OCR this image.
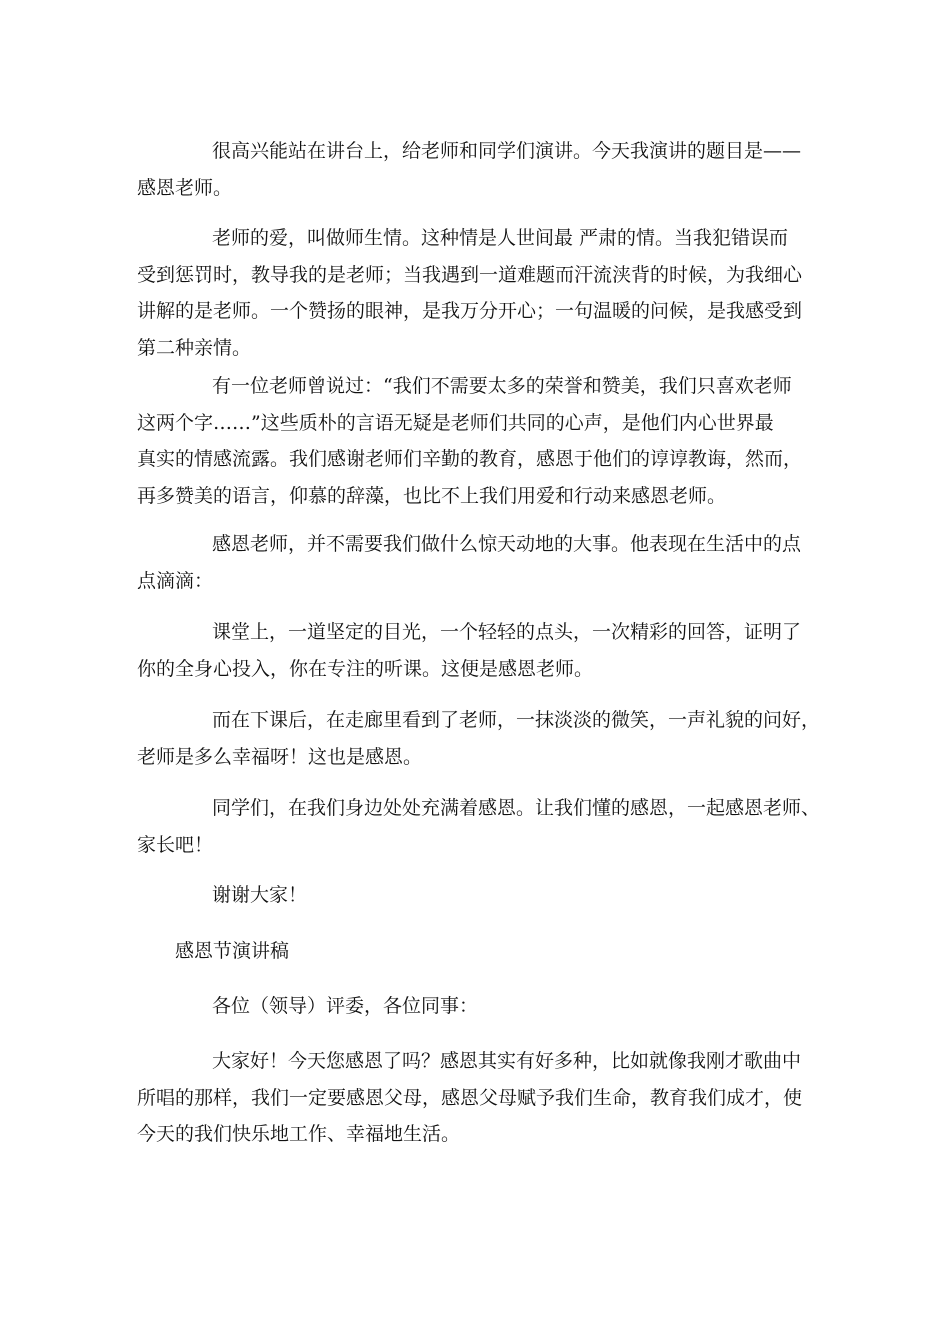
很高兴能站在讲台上，给老师和同学们演讲。今天我演讲的题目是——
感恩老师。

老师的爱，叫做师生情。这种情是人世间最 严肃的情。当我犯错误而
受到惩罚时，教导我的是老师；当我遇到一道难题而汗流浃背的时候，为我细心
讲解的是老师。一个赞扬的眼神，是我万分开心；一句温暖的问候，是我感受到
第二种亲情。

有一位老师曾说过：“我们不需要太多的荣誉和赞美，我们只喜欢老师
这两个字……”这些质朴的言语无疑是老师们共同的心声，是他们内心世界最
真实的情感流露。我们感谢老师们辛勤的教育，感恩于他们的谆谆教诲，然而，
再多赞美的语言，仰慕的辞藻，也比不上我们用爱和行动来感恩老师。

感恩老师，并不需要我们做什么惊天动地的大事。他表现在生活中的点
点滴滴：

课堂上，一道坚定的目光，一个轻轻的点头，一次精彩的回答，证明了
你的全身心投入，你在专注的听课。这便是感恩老师。

而在下课后，在走廊里看到了老师，一抹淡淡的微笑，一声礼貌的问好，
老师是多么幸福呀！这也是感恩。

同学们，在我们身边处处充满着感恩。让我们懂的感恩，一起感恩老师、
家长吧！

谢谢大家！

感恩节演讲稿

各位（领导）评委，各位同事：

大家好！今天您感恩了吗？感恩其实有好多种，比如就像我刚才歌曲中
所唱的那样，我们一定要感恩父母，感恩父母赋予我们生命，教育我们成才，使
今天的我们快乐地工作、幸福地生活。
